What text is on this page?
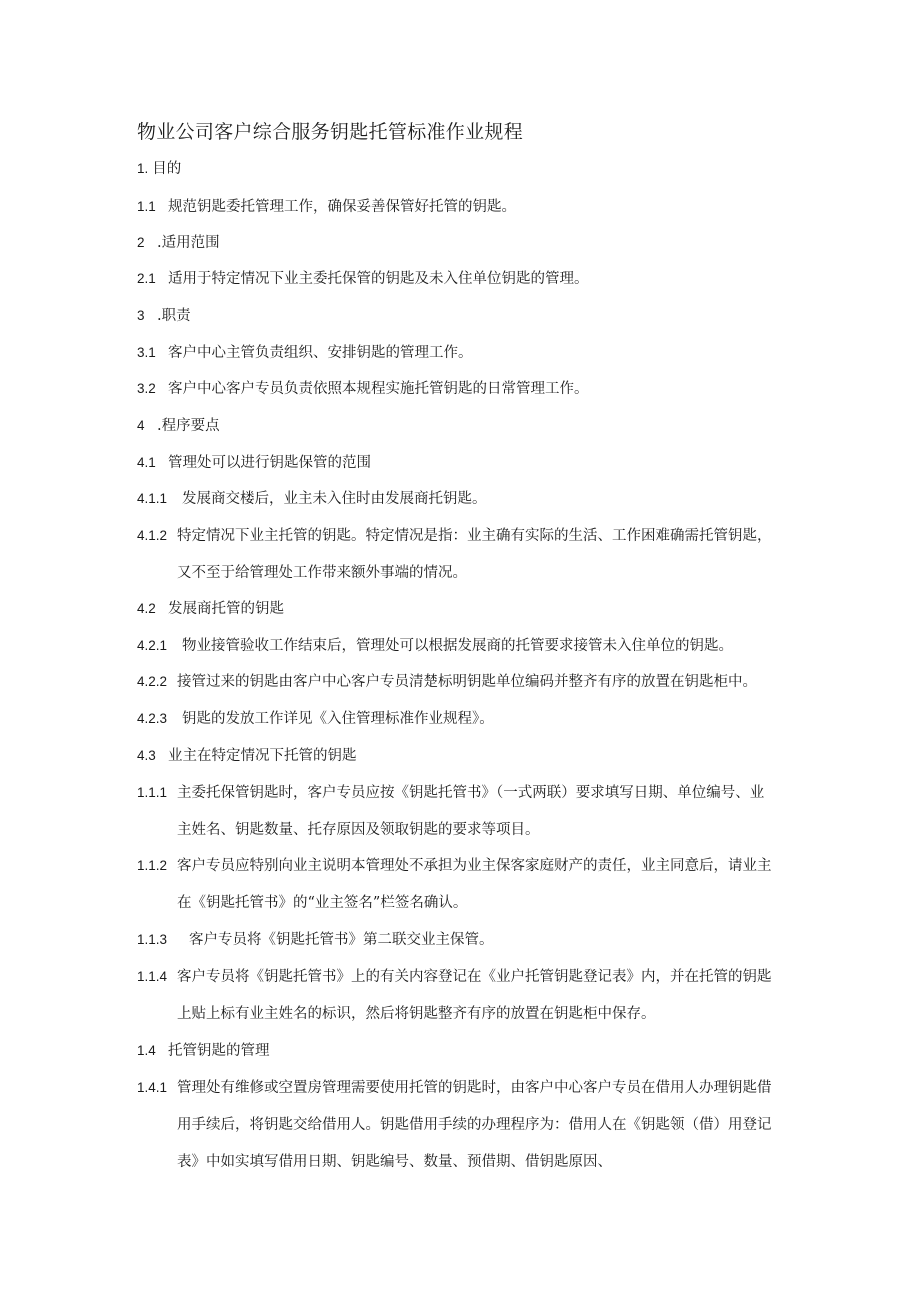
物业公司客户综合服务钥匙托管标准作业规程
1. 目的
1.1 规范钥匙委托管理工作，确保妥善保管好托管的钥匙。
2 .适用范围
2.1 适用于特定情况下业主委托保管的钥匙及未入住单位钥匙的管理。
3 .职责
3.1 客户中心主管负责组织、安排钥匙的管理工作。
3.2 客户中心客户专员负责依照本规程实施托管钥匙的日常管理工作。
4 .程序要点
4.1 管理处可以进行钥匙保管的范围
4.1.1 发展商交楼后，业主未入住时由发展商托钥匙。
4.1.2 特定情况下业主托管的钥匙。特定情况是指：业主确有实际的生活、工作困难确需托管钥匙，
又不至于给管理处工作带来额外事端的情况。
4.2 发展商托管的钥匙
4.2.1 物业接管验收工作结束后，管理处可以根据发展商的托管要求接管未入住单位的钥匙。
4.2.2 接管过来的钥匙由客户中心客户专员清楚标明钥匙单位编码并整齐有序的放置在钥匙柜中。
4.2.3 钥匙的发放工作详见《入住管理标准作业规程》。
4.3 业主在特定情况下托管的钥匙
1.1.1 主委托保管钥匙时，客户专员应按《钥匙托管书》（一式两联）要求填写日期、单位编号、业
主姓名、钥匙数量、托存原因及领取钥匙的要求等项目。
1.1.2 客户专员应特别向业主说明本管理处不承担为业主保客家庭财产的责任，业主同意后，请业主
在《钥匙托管书》的“业主签名”栏签名确认。
1.1.3 客户专员将《钥匙托管书》第二联交业主保管。
1.1.4 客户专员将《钥匙托管书》上的有关内容登记在《业户托管钥匙登记表》内，并在托管的钥匙
上贴上标有业主姓名的标识，然后将钥匙整齐有序的放置在钥匙柜中保存。
1.4 托管钥匙的管理
1.4.1 管理处有维修或空置房管理需要使用托管的钥匙时，由客户中心客户专员在借用人办理钥匙借
用手续后，将钥匙交给借用人。钥匙借用手续的办理程序为：借用人在《钥匙领（借）用登记
表》中如实填写借用日期、钥匙编号、数量、预借期、借钥匙原因、
